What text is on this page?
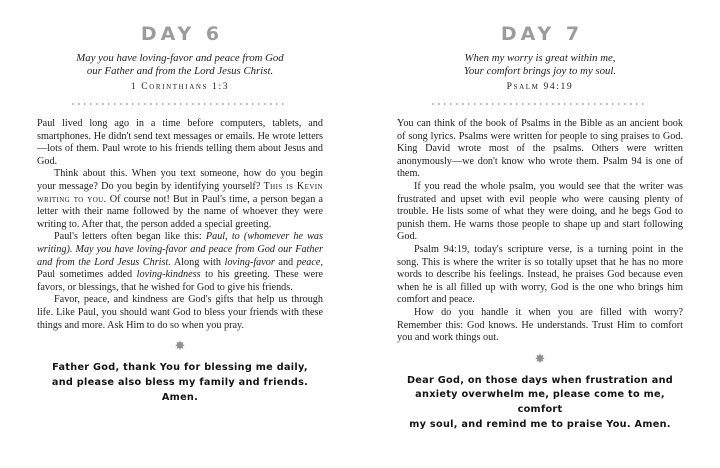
DAY 6
May you have loving-favor and peace from God
our Father and from the Lord Jesus Christ.
1 Corinthians 1:3

Paul lived long ago in a time before computers, tablets, and smartphones. He didn't send text messages or emails. He wrote letters—lots of them. Paul wrote to his friends telling them about Jesus and God.

Think about this. When you text someone, how do you begin your message? Do you begin by identifying yourself? This is Kevin writing to you. Of course not! But in Paul's time, a person began a letter with their name followed by the name of whoever they were writing to. After that, the person added a special greeting.

Paul's letters often began like this: Paul, to (whomever he was writing). May you have loving-favor and peace from God our Father and from the Lord Jesus Christ. Along with loving-favor and peace, Paul sometimes added loving-kindness to his greeting. These were favors, or blessings, that he wished for God to give his friends.

Favor, peace, and kindness are God's gifts that help us through life. Like Paul, you should want God to bless your friends with these things and more. Ask Him to do so when you pray.

✸
Father God, thank You for blessing me daily,
and please also bless my family and friends. Amen.
DAY 7
When my worry is great within me,
Your comfort brings joy to my soul.
Psalm 94:19

You can think of the book of Psalms in the Bible as an ancient book of song lyrics. Psalms were written for people to sing praises to God. King David wrote most of the psalms. Others were written anonymously—we don't know who wrote them. Psalm 94 is one of them.

If you read the whole psalm, you would see that the writer was frustrated and upset with evil people who were causing plenty of trouble. He lists some of what they were doing, and he begs God to punish them. He warns those people to shape up and start following God.

Psalm 94:19, today's scripture verse, is a turning point in the song. This is where the writer is so totally upset that he has no more words to describe his feelings. Instead, he praises God because even when he is all filled up with worry, God is the one who brings him comfort and peace.

How do you handle it when you are filled with worry? Remember this: God knows. He understands. Trust Him to comfort you and work things out.

✸
Dear God, on those days when frustration and
anxiety overwhelm me, please come to me, comfort
my soul, and remind me to praise You. Amen.
